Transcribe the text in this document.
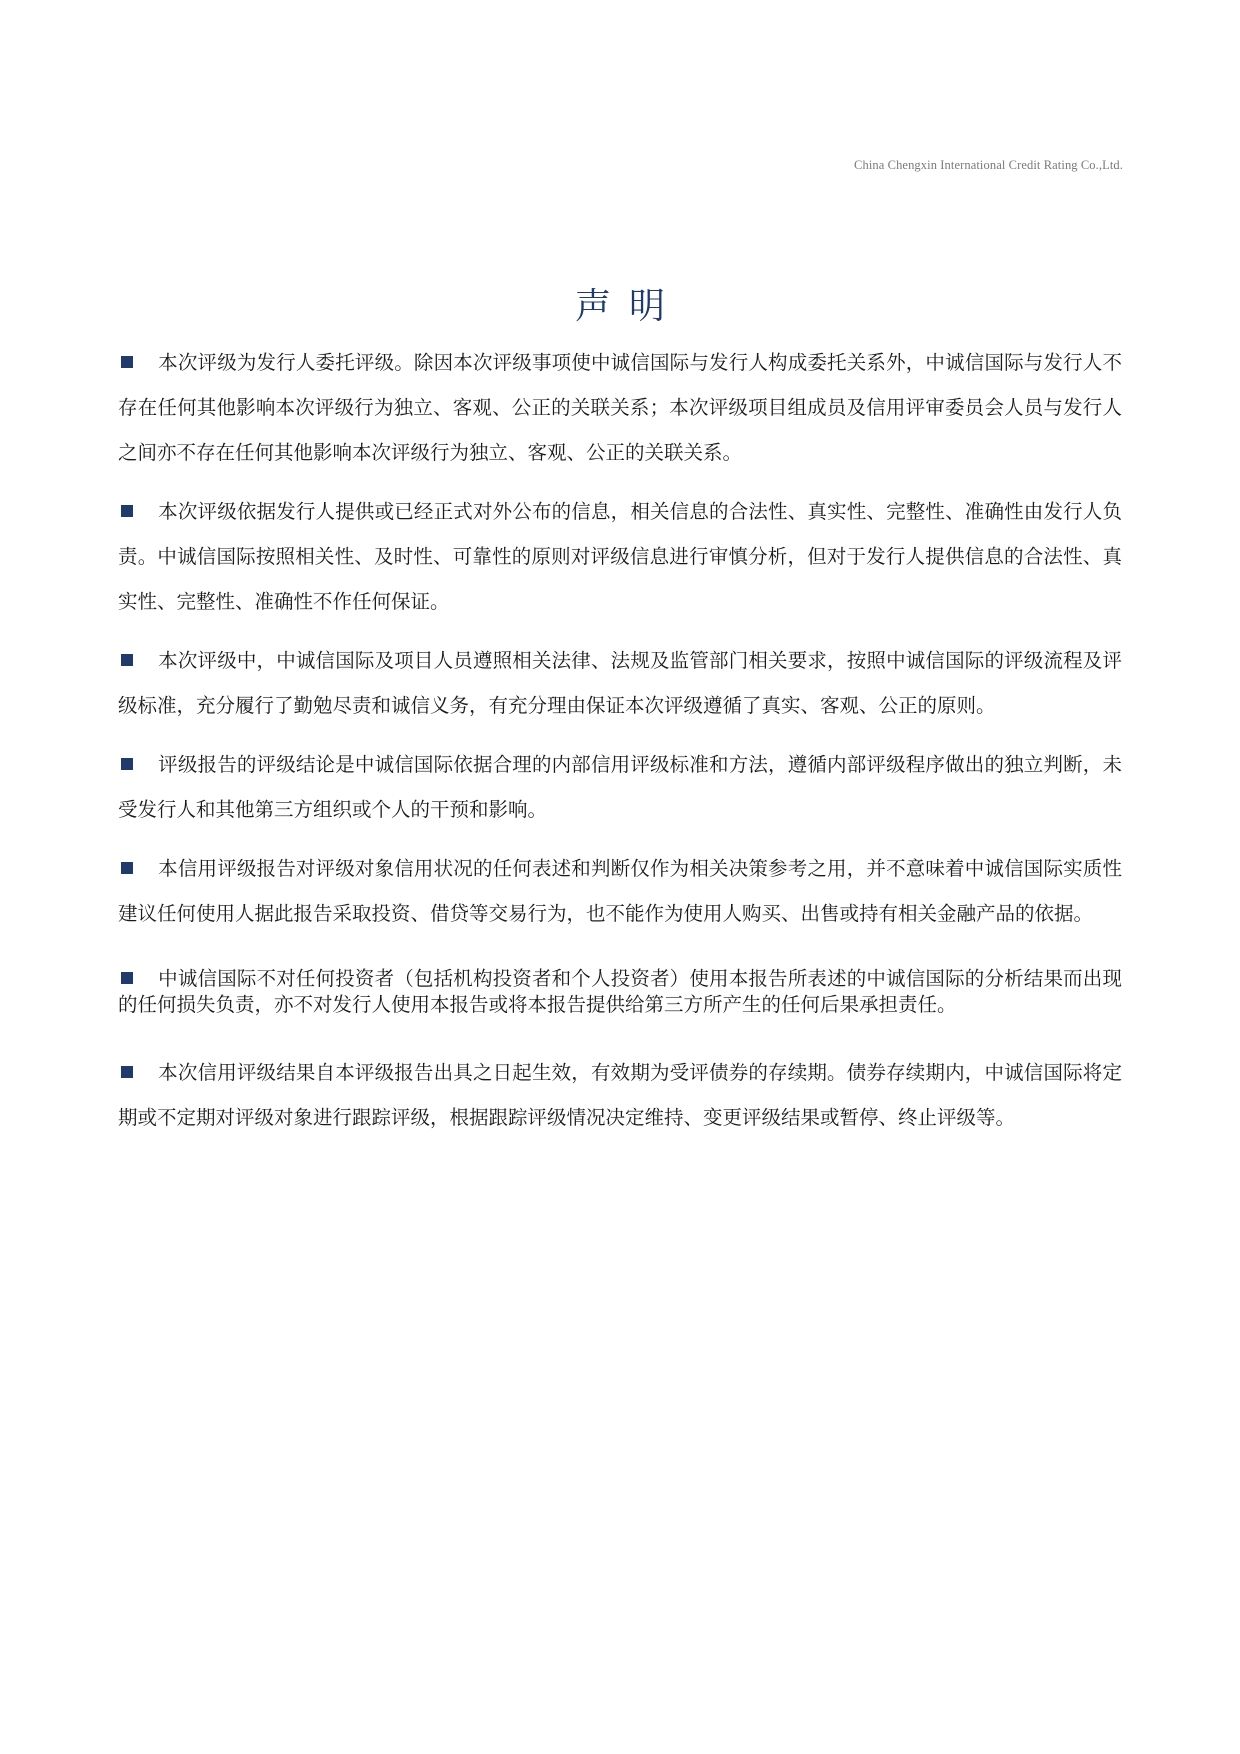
China Chengxin International Credit Rating Co.,Ltd.
声明

本次评级为发行人委托评级。除因本次评级事项使中诚信国际与发行人构成委托关系外，中诚信国际与发行人不存在任何其他影响本次评级行为独立、客观、公正的关联关系；本次评级项目组成员及信用评审委员会人员与发行人之间亦不存在任何其他影响本次评级行为独立、客观、公正的关联关系。

本次评级依据发行人提供或已经正式对外公布的信息，相关信息的合法性、真实性、完整性、准确性由发行人负责。中诚信国际按照相关性、及时性、可靠性的原则对评级信息进行审慎分析，但对于发行人提供信息的合法性、真实性、完整性、准确性不作任何保证。

本次评级中，中诚信国际及项目人员遵照相关法律、法规及监管部门相关要求，按照中诚信国际的评级流程及评级标准，充分履行了勤勉尽责和诚信义务，有充分理由保证本次评级遵循了真实、客观、公正的原则。

评级报告的评级结论是中诚信国际依据合理的内部信用评级标准和方法，遵循内部评级程序做出的独立判断，未受发行人和其他第三方组织或个人的干预和影响。

本信用评级报告对评级对象信用状况的任何表述和判断仅作为相关决策参考之用，并不意味着中诚信国际实质性建议任何使用人据此报告采取投资、借贷等交易行为，也不能作为使用人购买、出售或持有相关金融产品的依据。

中诚信国际不对任何投资者（包括机构投资者和个人投资者）使用本报告所表述的中诚信国际的分析结果而出现的任何损失负责，亦不对发行人使用本报告或将本报告提供给第三方所产生的任何后果承担责任。

本次信用评级结果自本评级报告出具之日起生效，有效期为受评债券的存续期。债券存续期内，中诚信国际将定期或不定期对评级对象进行跟踪评级，根据跟踪评级情况决定维持、变更评级结果或暂停、终止评级等。
